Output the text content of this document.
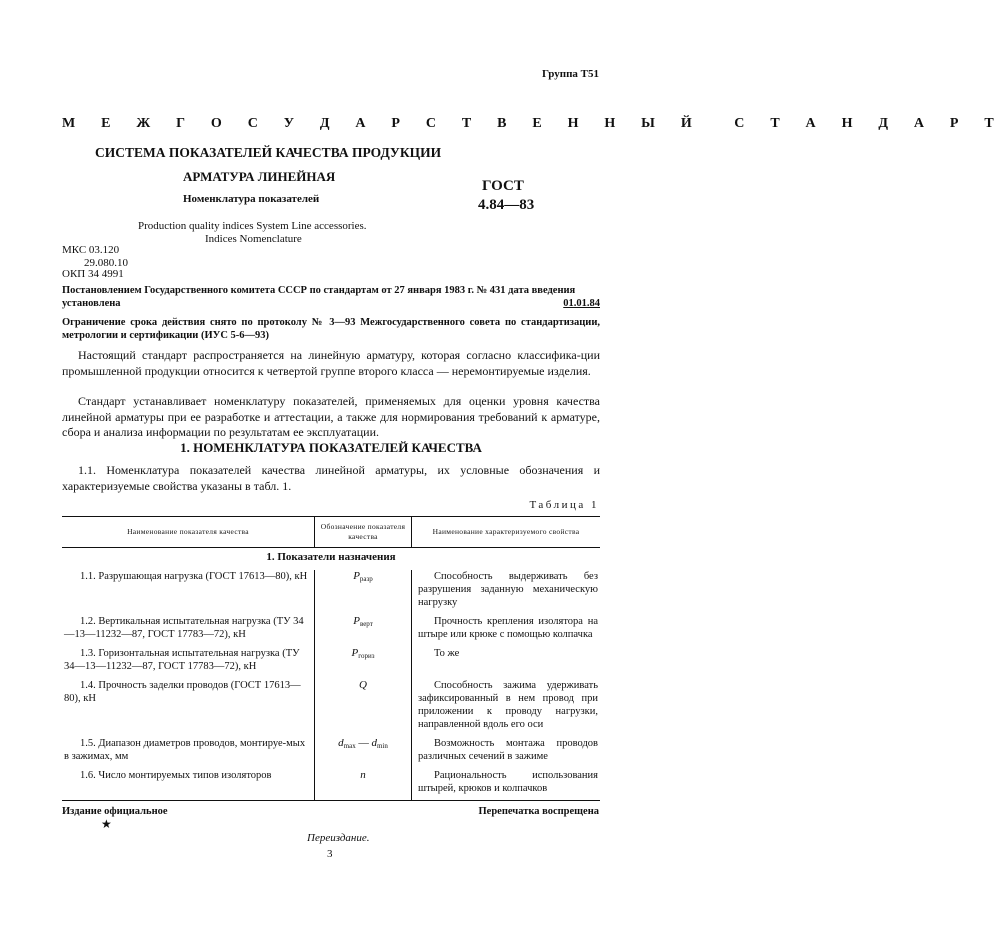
Группа Т51
М Е Ж Г О С У Д А Р С Т В Е Н Н Ы Й  С Т А Н Д А Р Т
СИСТЕМА ПОКАЗАТЕЛЕЙ КАЧЕСТВА ПРОДУКЦИИ
АРМАТУРА ЛИНЕЙНАЯ
Номенклатура показателей
ГОСТ
4.84—83
Production quality indices System Line accessories.
Indices Nomenclature
МКС 03.120
29.080.10
ОКП 34 4991
Постановлением Государственного комитета СССР по стандартам от 27 января 1983 г. № 431 дата введения
установлена	01.01.84
Ограничение срока действия снято по протоколу № 3—93 Межгосударственного совета по стандартизации, метрологии и сертификации (ИУС 5-6—93)
Настоящий стандарт распространяется на линейную арматуру, которая согласно классифика-ции промышленной продукции относится к четвертой группе второго класса — неремонтируемые изделия.
Стандарт устанавливает номенклатуру показателей, применяемых для оценки уровня качества линейной арматуры при ее разработке и аттестации, а также для нормирования требований к арматуре, сбора и анализа информации по результатам ее эксплуатации.
1. НОМЕНКЛАТУРА ПОКАЗАТЕЛЕЙ КАЧЕСТВА
1.1. Номенклатура показателей качества линейной арматуры, их условные обозначения и характеризуемые свойства указаны в табл. 1.
Таблица 1
Наименование показателя качества	Обозначение показателя качества	Наименование характеризуемого свойства
1. Показатели назначения		
1.1. Разрушающая нагрузка (ГОСТ 17613—80), кН	$P_{разр}$	Способность выдерживать без разрушения заданную механическую нагрузку
1.2. Вертикальная испытательная нагрузка (ТУ 34—13—11232—87, ГОСТ 17783—72), кН	$P_{верт}$	Прочность крепления изолятора на штыре или крюке с помощью колпачка
1.3. Горизонтальная испытательная нагрузка (ТУ 34—13—11232—87, ГОСТ 17783—72), кН	$P_{гориз}$	То же
1.4. Прочность заделки проводов (ГОСТ 17613—80), кН	Q	Способность зажима удерживать зафиксированный в нем провод при приложении к проводу нагрузки, направленной вдоль его оси
1.5. Диапазон диаметров проводов, монтируе-мых в зажимах, мм	$d_{max}$ — $d_{min}$	Возможность монтажа проводов различных сечений в зажиме
1.6. Число монтируемых типов изоляторов	n	Рациональность использования штырей, крюков и колпачков
Издание официальное
★
Перепечатка воспрещена
Переиздание.
3
